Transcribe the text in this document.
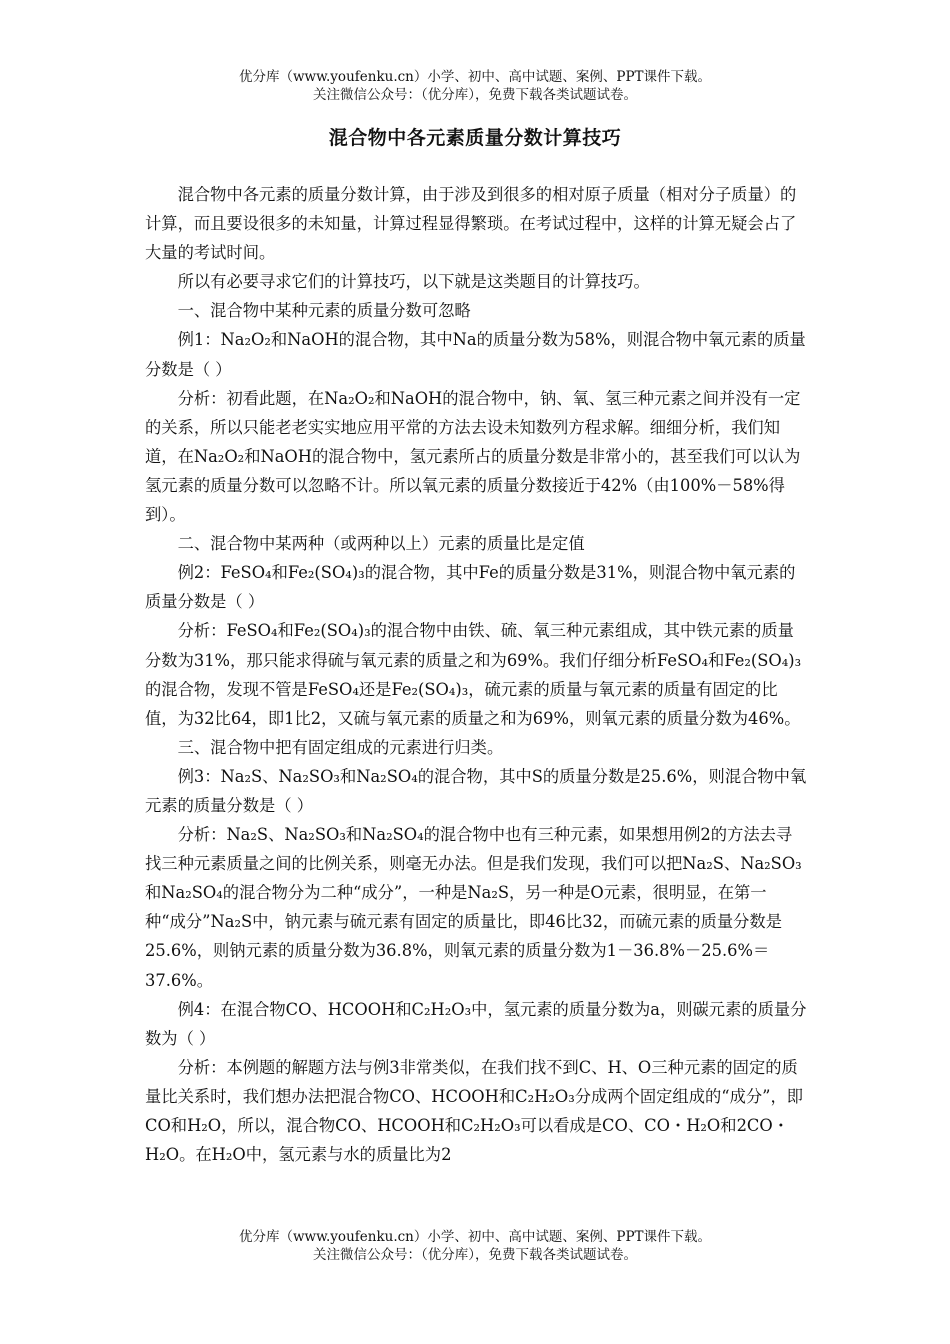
优分库（www.youfenku.cn）小学、初中、高中试题、案例、PPT课件下载。
关注微信公众号：（优分库），免费下载各类试题试卷。
混合物中各元素质量分数计算技巧

混合物中各元素的质量分数计算，由于涉及到很多的相对原子质量（相对分子质量）的计算，而且要设很多的未知量，计算过程显得繁琐。在考试过程中，这样的计算无疑会占了大量的考试时间。

所以有必要寻求它们的计算技巧，以下就是这类题目的计算技巧。

一、混合物中某种元素的质量分数可忽略

例1：Na₂O₂和NaOH的混合物，其中Na的质量分数为58%，则混合物中氧元素的质量分数是（ ）

分析：初看此题，在Na₂O₂和NaOH的混合物中，钠、氧、氢三种元素之间并没有一定的关系，所以只能老老实实地应用平常的方法去设未知数列方程求解。细细分析，我们知道，在Na₂O₂和NaOH的混合物中，氢元素所占的质量分数是非常小的，甚至我们可以认为氢元素的质量分数可以忽略不计。所以氧元素的质量分数接近于42%（由100%－58%得到）。

二、混合物中某两种（或两种以上）元素的质量比是定值

例2：FeSO₄和Fe₂(SO₄)₃的混合物，其中Fe的质量分数是31%，则混合物中氧元素的质量分数是（ ）

分析：FeSO₄和Fe₂(SO₄)₃的混合物中由铁、硫、氧三种元素组成，其中铁元素的质量分数为31%，那只能求得硫与氧元素的质量之和为69%。我们仔细分析FeSO₄和Fe₂(SO₄)₃的混合物，发现不管是FeSO₄还是Fe₂(SO₄)₃，硫元素的质量与氧元素的质量有固定的比值，为32比64，即1比2，又硫与氧元素的质量之和为69%，则氧元素的质量分数为46%。

三、混合物中把有固定组成的元素进行归类。

例3：Na₂S、Na₂SO₃和Na₂SO₄的混合物，其中S的质量分数是25.6%，则混合物中氧元素的质量分数是（ ）

分析：Na₂S、Na₂SO₃和Na₂SO₄的混合物中也有三种元素，如果想用例2的方法去寻找三种元素质量之间的比例关系，则毫无办法。但是我们发现，我们可以把Na₂S、Na₂SO₃和Na₂SO₄的混合物分为二种“成分”，一种是Na₂S，另一种是O元素，很明显，在第一种“成分”Na₂S中，钠元素与硫元素有固定的质量比，即46比32，而硫元素的质量分数是25.6%，则钠元素的质量分数为36.8%，则氧元素的质量分数为1－36.8%－25.6%＝37.6%。

例4：在混合物CO、HCOOH和C₂H₂O₃中，氢元素的质量分数为a，则碳元素的质量分数为（ ）

分析：本例题的解题方法与例3非常类似，在我们找不到C、H、O三种元素的固定的质量比关系时，我们想办法把混合物CO、HCOOH和C₂H₂O₃分成两个固定组成的“成分”，即CO和H₂O，所以，混合物CO、HCOOH和C₂H₂O₃可以看成是CO、CO・H₂O和2CO・H₂O。在H₂O中，氢元素与水的质量比为2

优分库（www.youfenku.cn）小学、初中、高中试题、案例、PPT课件下载。
关注微信公众号：（优分库），免费下载各类试题试卷。
